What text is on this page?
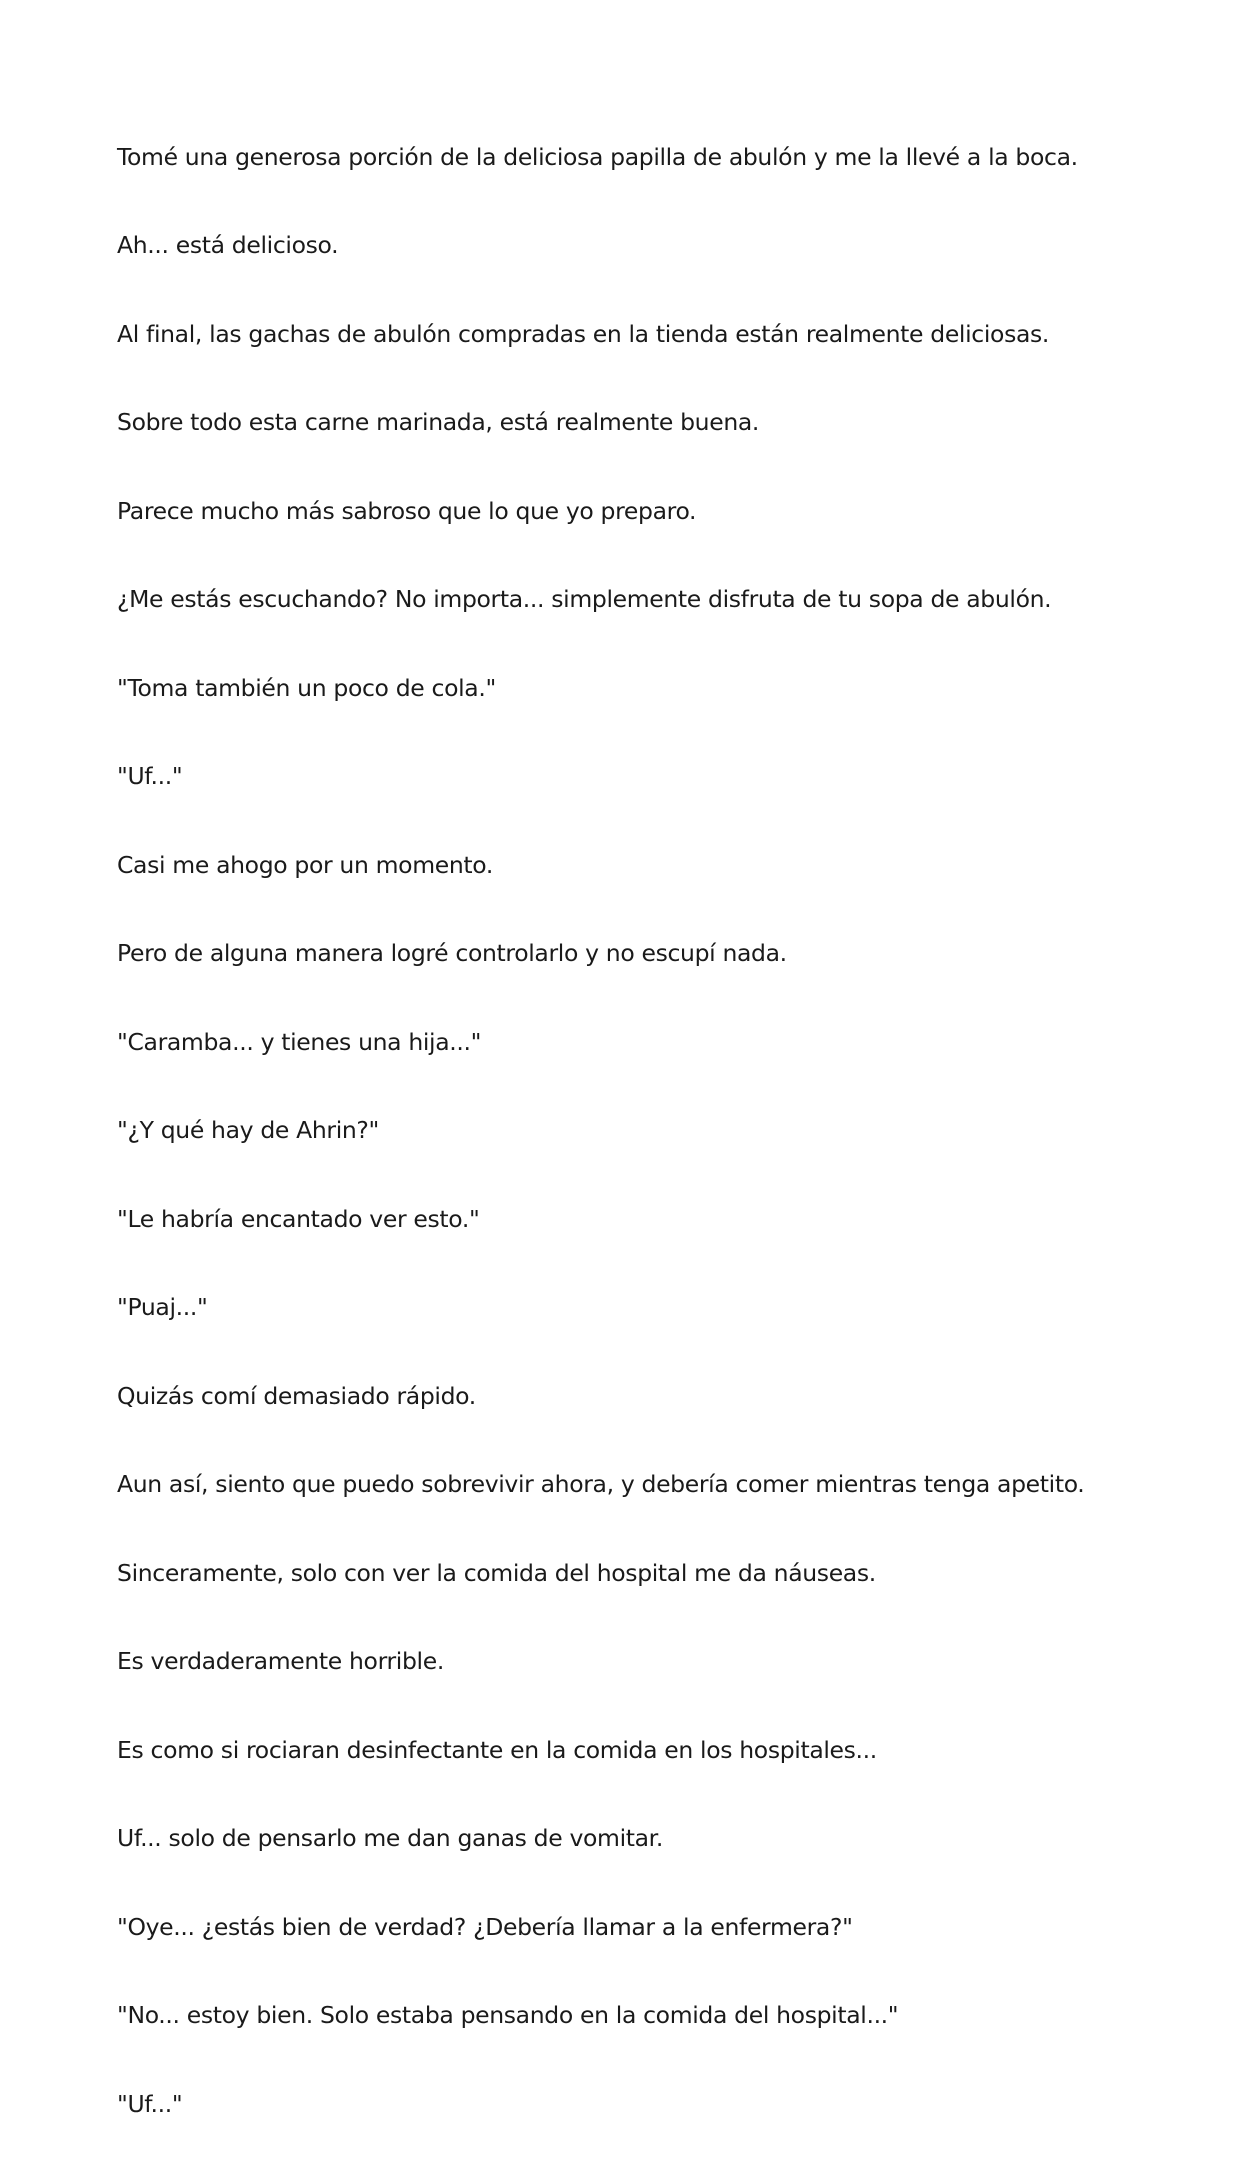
Tomé una generosa porción de la deliciosa papilla de abulón y me la llevé a la boca.

Ah... está delicioso.

Al final, las gachas de abulón compradas en la tienda están realmente deliciosas.

Sobre todo esta carne marinada, está realmente buena.

Parece mucho más sabroso que lo que yo preparo.

¿Me estás escuchando? No importa... simplemente disfruta de tu sopa de abulón.

"Toma también un poco de cola."

"Uf..."

Casi me ahogo por un momento.

Pero de alguna manera logré controlarlo y no escupí nada.

"Caramba... y tienes una hija..."

"¿Y qué hay de Ahrin?"

"Le habría encantado ver esto."

"Puaj..."

Quizás comí demasiado rápido.

Aun así, siento que puedo sobrevivir ahora, y debería comer mientras tenga apetito.

Sinceramente, solo con ver la comida del hospital me da náuseas.

Es verdaderamente horrible.

Es como si rociaran desinfectante en la comida en los hospitales...

Uf... solo de pensarlo me dan ganas de vomitar.

"Oye... ¿estás bien de verdad? ¿Debería llamar a la enfermera?"

"No... estoy bien. Solo estaba pensando en la comida del hospital..."

"Uf..."
